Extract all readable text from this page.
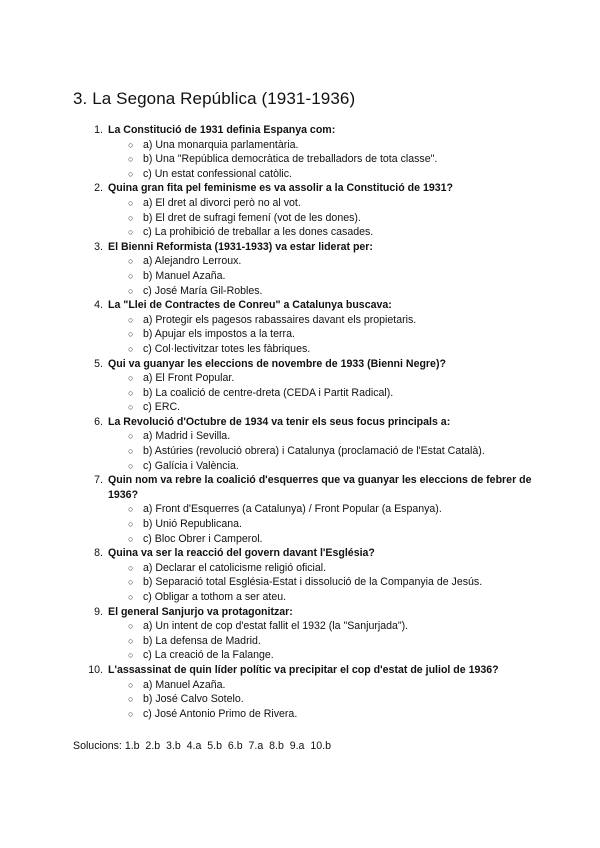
3. La Segona República (1931-1936)
1. La Constitució de 1931 definia Espanya com:
○ a) Una monarquia parlamentària.
○ b) Una "República democràtica de treballadors de tota classe".
○ c) Un estat confessional catòlic.
2. Quina gran fita pel feminisme es va assolir a la Constitució de 1931?
○ a) El dret al divorci però no al vot.
○ b) El dret de sufragi femení (vot de les dones).
○ c) La prohibició de treballar a les dones casades.
3. El Bienni Reformista (1931-1933) va estar liderat per:
○ a) Alejandro Lerroux.
○ b) Manuel Azaña.
○ c) José María Gil-Robles.
4. La "Llei de Contractes de Conreu" a Catalunya buscava:
○ a) Protegir els pagesos rabassaires davant els propietaris.
○ b) Apujar els impostos a la terra.
○ c) Col·lectivitzar totes les fàbriques.
5. Qui va guanyar les eleccions de novembre de 1933 (Bienni Negre)?
○ a) El Front Popular.
○ b) La coalició de centre-dreta (CEDA i Partit Radical).
○ c) ERC.
6. La Revolució d'Octubre de 1934 va tenir els seus focus principals a:
○ a) Madrid i Sevilla.
○ b) Astúries (revolució obrera) i Catalunya (proclamació de l'Estat Català).
○ c) Galícia i València.
7. Quin nom va rebre la coalició d'esquerres que va guanyar les eleccions de febrer de 1936?
○ a) Front d'Esquerres (a Catalunya) / Front Popular (a Espanya).
○ b) Unió Republicana.
○ c) Bloc Obrer i Camperol.
8. Quina va ser la reacció del govern davant l'Església?
○ a) Declarar el catolicisme religió oficial.
○ b) Separació total Església-Estat i dissolució de la Companyia de Jesús.
○ c) Obligar a tothom a ser ateu.
9. El general Sanjurjo va protagonitzar:
○ a) Un intent de cop d'estat fallit el 1932 (la "Sanjurjada").
○ b) La defensa de Madrid.
○ c) La creació de la Falange.
10. L'assassinat de quin líder polític va precipitar el cop d'estat de juliol de 1936?
○ a) Manuel Azaña.
○ b) José Calvo Sotelo.
○ c) José Antonio Primo de Rivera.

Solucions: 1.b  2.b  3.b  4.a  5.b  6.b  7.a  8.b  9.a  10.b
